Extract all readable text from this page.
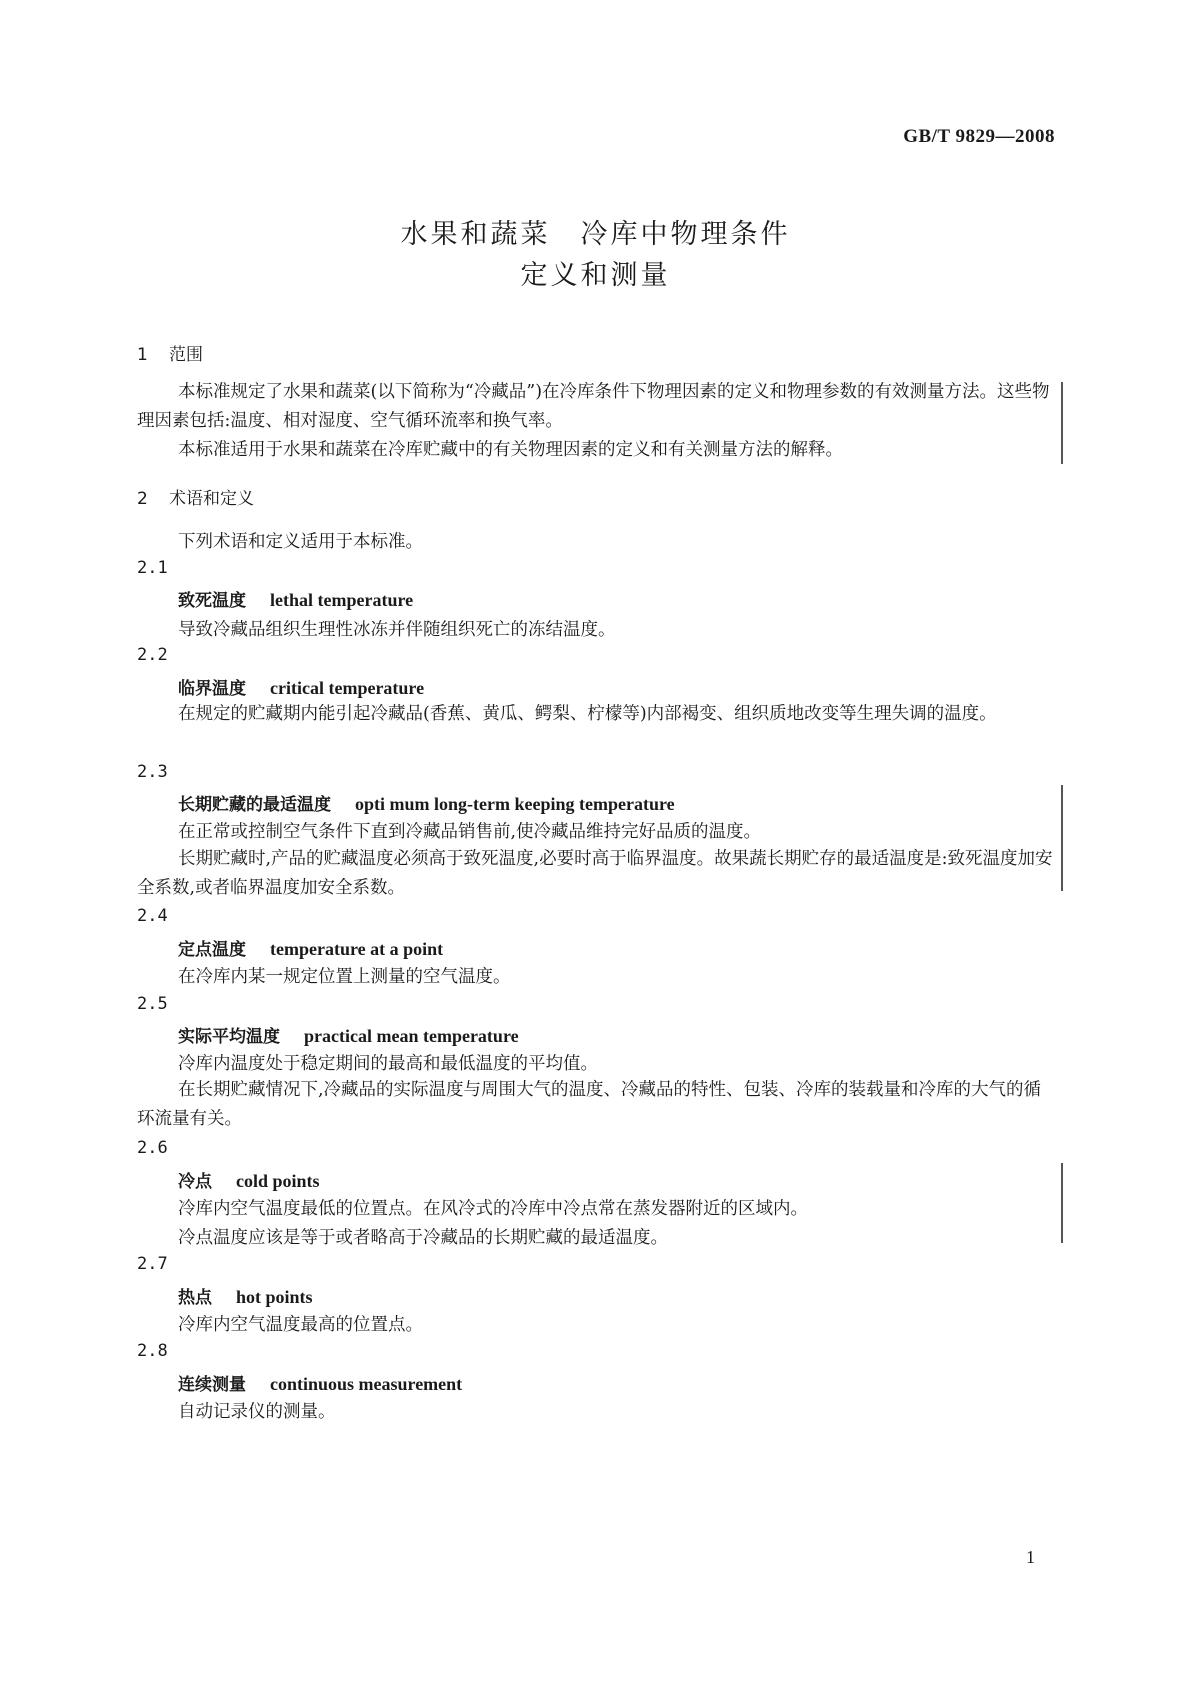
GB/T 9829—2008
水果和蔬菜　冷库中物理条件
定义和测量
1 范围
本标准规定了水果和蔬菜(以下简称为“冷藏品”)在冷库条件下物理因素的定义和物理参数的有效测量方法。这些物理因素包括:温度、相对湿度、空气循环流率和换气率。
本标准适用于水果和蔬菜在冷库贮藏中的有关物理因素的定义和有关测量方法的解释。
2 术语和定义
下列术语和定义适用于本标准。
2.1
致死温度 lethal temperature
导致冷藏品组织生理性冰冻并伴随组织死亡的冻结温度。
2.2
临界温度 critical temperature
在规定的贮藏期内能引起冷藏品(香蕉、黄瓜、鳄梨、柠檬等)内部褐变、组织质地改变等生理失调的温度。
2.3
长期贮藏的最适温度 opti mum long-term keeping temperature
在正常或控制空气条件下直到冷藏品销售前,使冷藏品维持完好品质的温度。
长期贮藏时,产品的贮藏温度必须高于致死温度,必要时高于临界温度。故果蔬长期贮存的最适温度是:致死温度加安全系数,或者临界温度加安全系数。
2.4
定点温度 temperature at a point
在冷库内某一规定位置上测量的空气温度。
2.5
实际平均温度 practical mean temperature
冷库内温度处于稳定期间的最高和最低温度的平均值。
在长期贮藏情况下,冷藏品的实际温度与周围大气的温度、冷藏品的特性、包装、冷库的装载量和冷库的大气的循环流量有关。
2.6
冷点 cold points
冷库内空气温度最低的位置点。在风冷式的冷库中冷点常在蒸发器附近的区域内。
冷点温度应该是等于或者略高于冷藏品的长期贮藏的最适温度。
2.7
热点 hot points
冷库内空气温度最高的位置点。
2.8
连续测量 continuous measurement
自动记录仪的测量。
1
